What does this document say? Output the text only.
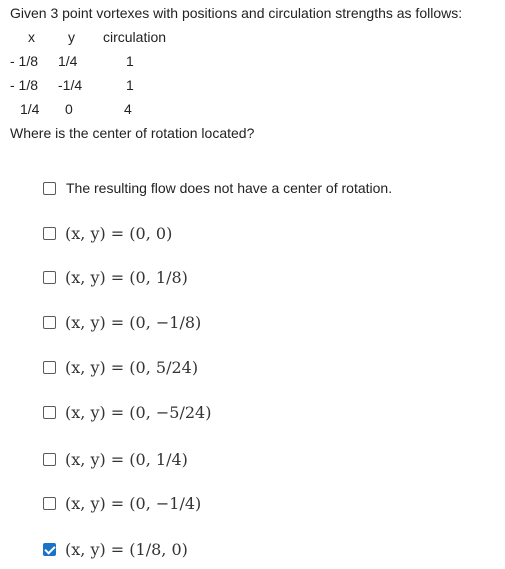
Given 3 point vortexes with positions and circulation strengths as follows:
x	y	circulation
- 1/8	1/4	1
- 1/8	-1/4	1
1/4	0	4
Where is the center of rotation located?
The resulting flow does not have a center of rotation.
(x, y) = (0, 0)
(x, y) = (0, 1/8)
(x, y) = (0, −1/8)
(x, y) = (0, 5/24)
(x, y) = (0, −5/24)
(x, y) = (0, 1/4)
(x, y) = (0, −1/4)
(x, y) = (1/8, 0)
